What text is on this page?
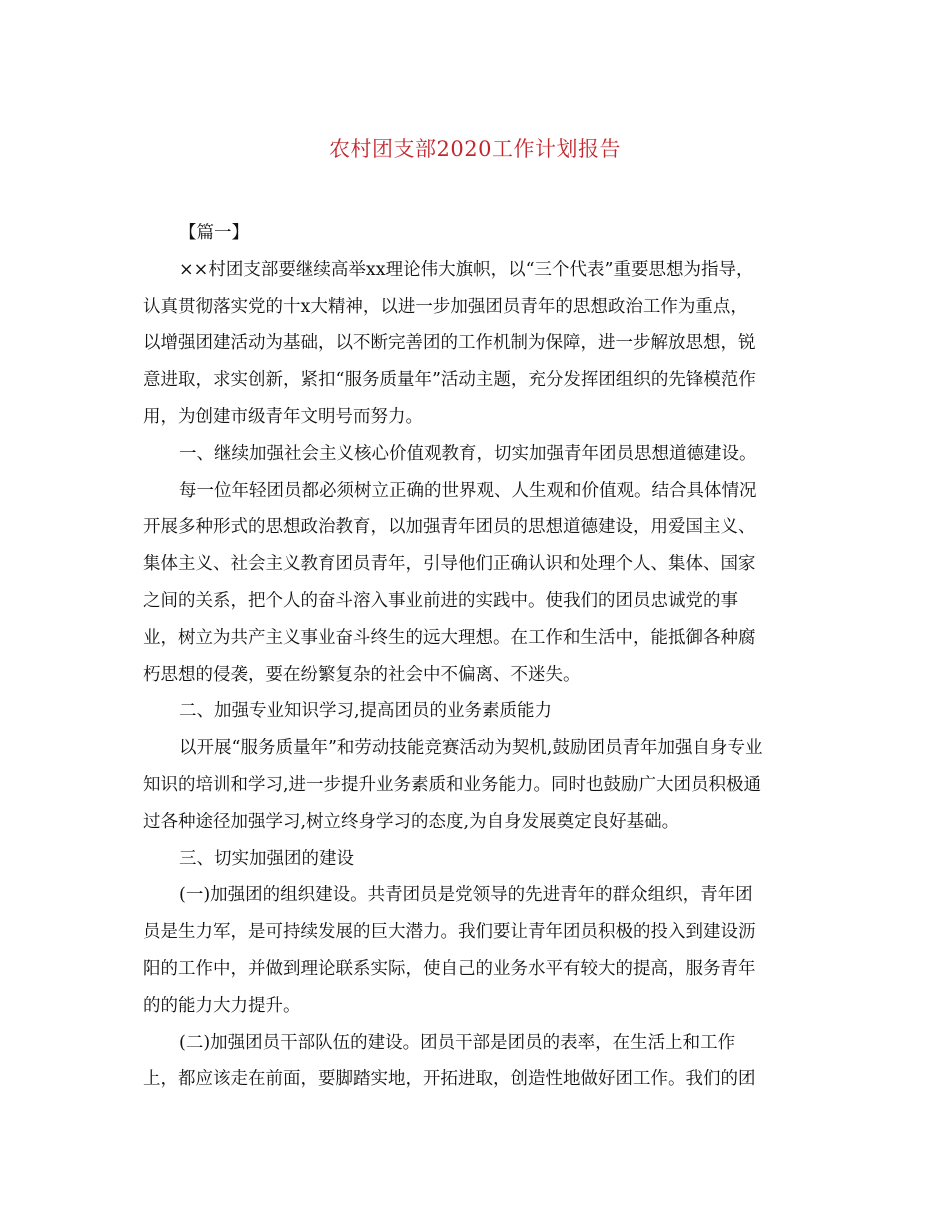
农村团支部2020工作计划报告
【篇一】
××村团支部要继续高举xx理论伟大旗帜，以“三个代表”重要思想为指导，
认真贯彻落实党的十x大精神，以进一步加强团员青年的思想政治工作为重点，
以增强团建活动为基础，以不断完善团的工作机制为保障，进一步解放思想，锐
意进取，求实创新，紧扣“服务质量年”活动主题，充分发挥团组织的先锋模范作
用，为创建市级青年文明号而努力。
一、继续加强社会主义核心价值观教育，切实加强青年团员思想道德建设。
每一位年轻团员都必须树立正确的世界观、人生观和价值观。结合具体情况
开展多种形式的思想政治教育，以加强青年团员的思想道德建设，用爱国主义、
集体主义、社会主义教育团员青年，引导他们正确认识和处理个人、集体、国家
之间的关系，把个人的奋斗溶入事业前进的实践中。使我们的团员忠诚党的事
业，树立为共产主义事业奋斗终生的远大理想。在工作和生活中，能抵御各种腐
朽思想的侵袭，要在纷繁复杂的社会中不偏离、不迷失。
二、加强专业知识学习,提高团员的业务素质能力
以开展“服务质量年”和劳动技能竞赛活动为契机,鼓励团员青年加强自身专业
知识的培训和学习,进一步提升业务素质和业务能力。同时也鼓励广大团员积极通
过各种途径加强学习,树立终身学习的态度,为自身发展奠定良好基础。
三、切实加强团的建设
(一)加强团的组织建设。共青团员是党领导的先进青年的群众组织，青年团
员是生力军，是可持续发展的巨大潜力。我们要让青年团员积极的投入到建设沥
阳的工作中，并做到理论联系实际，使自己的业务水平有较大的提高，服务青年
的的能力大力提升。
(二)加强团员干部队伍的建设。团员干部是团员的表率，在生活上和工作
上，都应该走在前面，要脚踏实地，开拓进取，创造性地做好团工作。我们的团
